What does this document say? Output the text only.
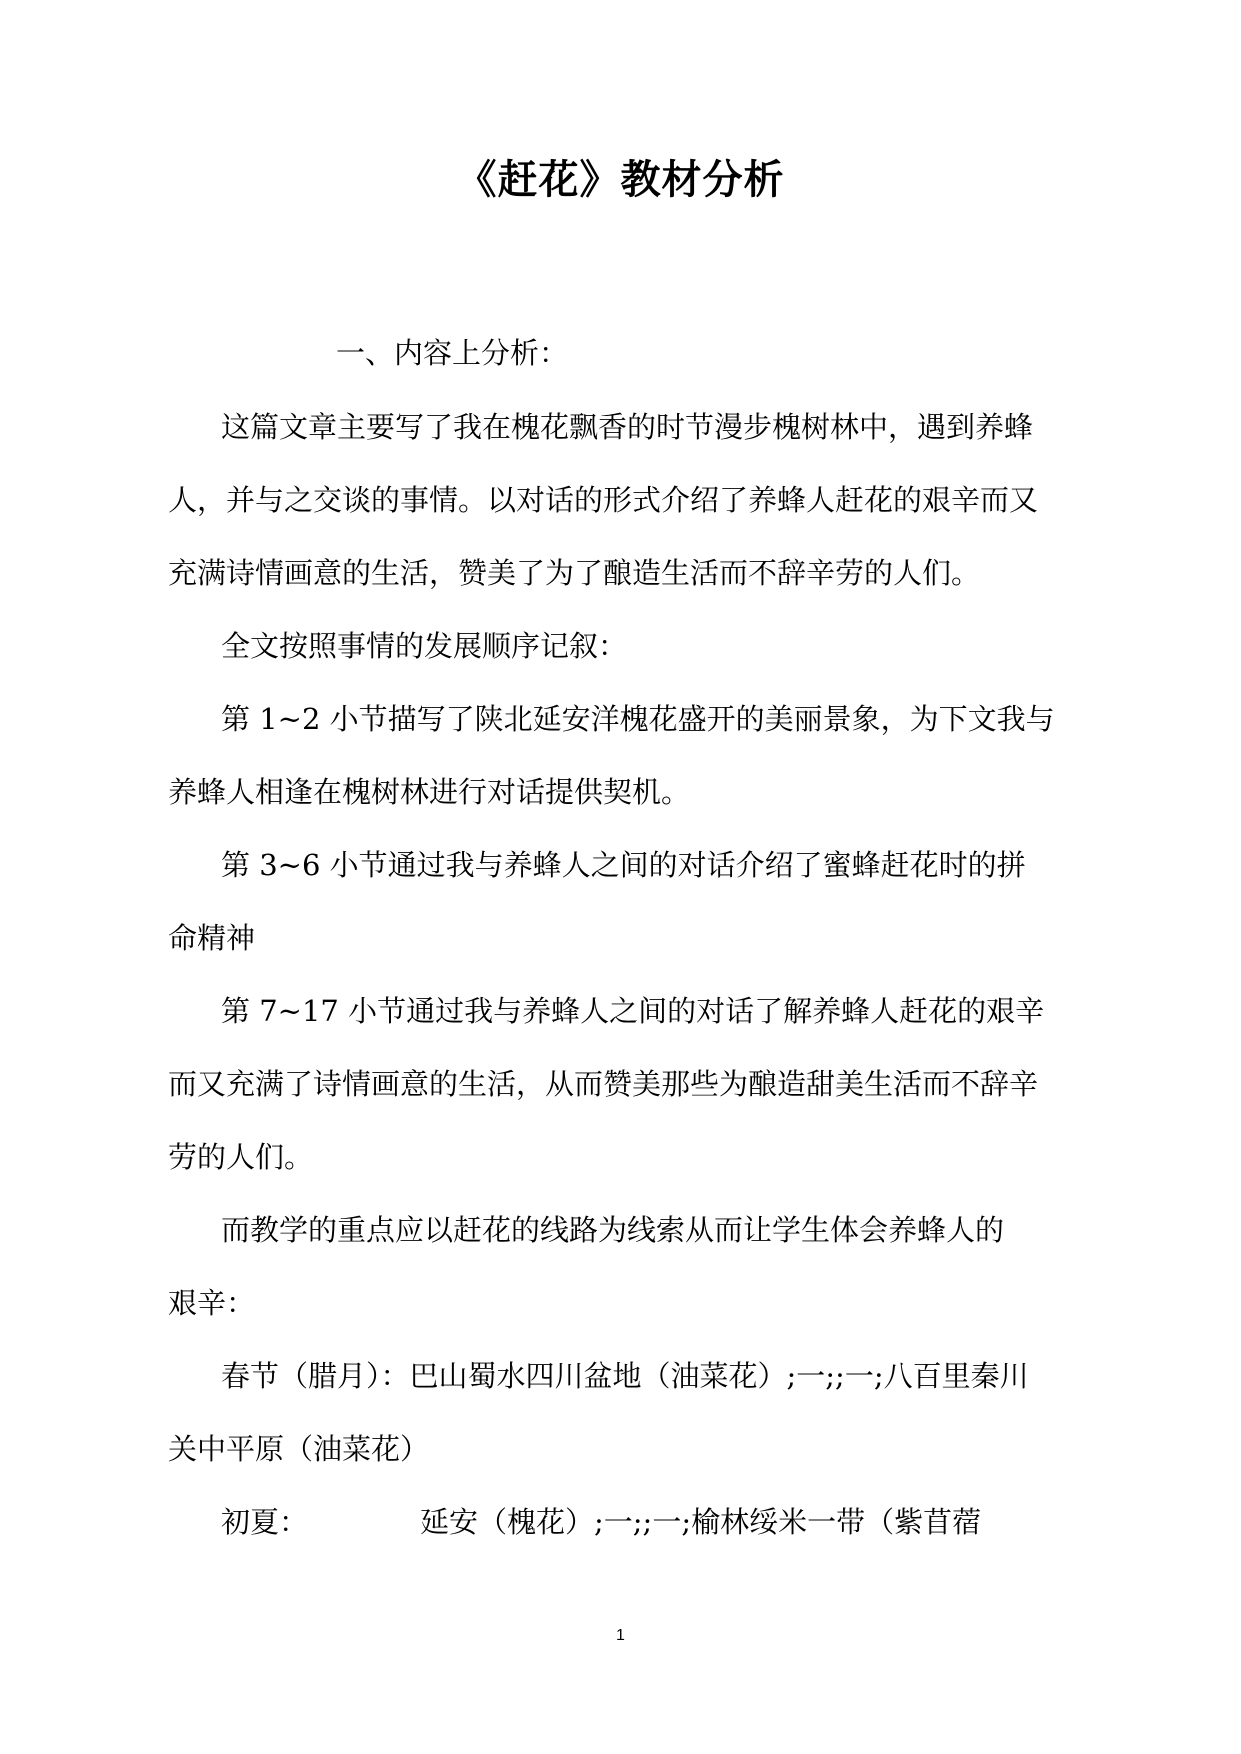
《赶花》教材分析
一、内容上分析：
这篇文章主要写了我在槐花飘香的时节漫步槐树林中，遇到养蜂
人，并与之交谈的事情。以对话的形式介绍了养蜂人赶花的艰辛而又
充满诗情画意的生活，赞美了为了酿造生活而不辞辛劳的人们。
全文按照事情的发展顺序记叙：
第 1~2 小节描写了陕北延安洋槐花盛开的美丽景象，为下文我与
养蜂人相逢在槐树林进行对话提供契机。
第 3~6 小节通过我与养蜂人之间的对话介绍了蜜蜂赶花时的拼
命精神
第 7~17 小节通过我与养蜂人之间的对话了解养蜂人赶花的艰辛
而又充满了诗情画意的生活，从而赞美那些为酿造甜美生活而不辞辛
劳的人们。
而教学的重点应以赶花的线路为线索从而让学生体会养蜂人的
艰辛：
春节（腊月）：巴山蜀水四川盆地（油菜花）;一;;一;八百里秦川
关中平原（油菜花）
初夏：	延安（槐花）;一;;一;榆林绥米一带（紫苜蓿
1
